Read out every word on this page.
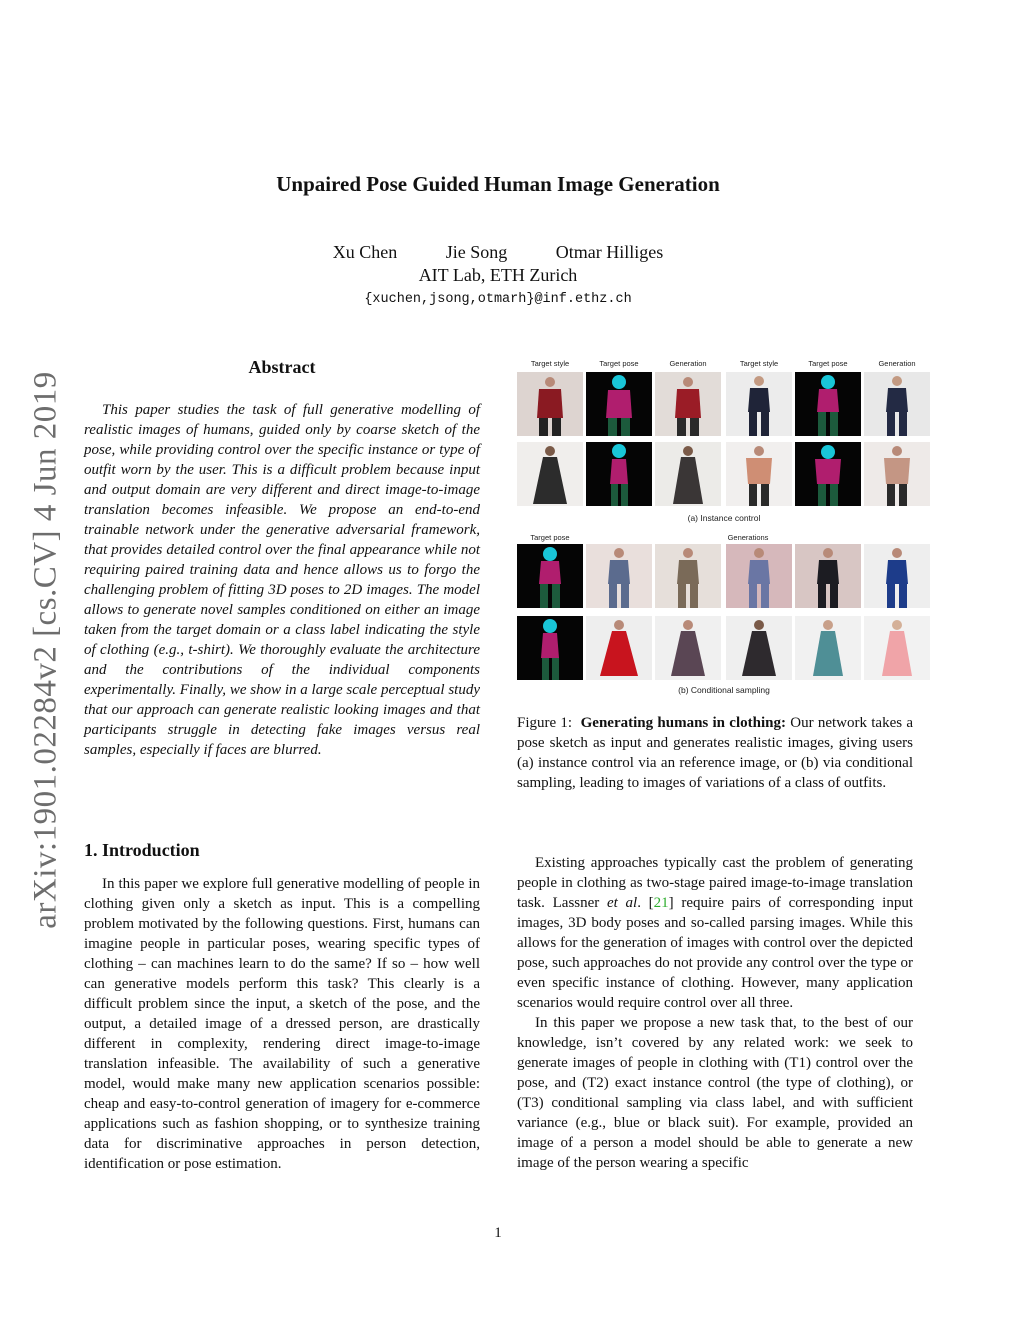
arXiv:1901.02284v2 [cs.CV] 4 Jun 2019
Unpaired Pose Guided Human Image Generation
Xu Chen	Jie Song	Otmar Hilliges
AIT Lab, ETH Zurich
{xuchen,jsong,otmarh}@inf.ethz.ch
Abstract

This paper studies the task of full generative modelling of realistic images of humans, guided only by coarse sketch of the pose, while providing control over the specific instance or type of outfit worn by the user. This is a difficult problem because input and output domain are very different and direct image-to-image translation becomes infeasible. We propose an end-to-end trainable network under the generative adversarial framework, that provides detailed control over the final appearance while not requiring paired training data and hence allows us to forgo the challenging problem of fitting 3D poses to 2D images. The model allows to generate novel samples conditioned on either an image taken from the target domain or a class label indicating the style of clothing (e.g., t-shirt). We thoroughly evaluate the architecture and the contributions of the individual components experimentally. Finally, we show in a large scale perceptual study that our approach can generate realistic looking images and that participants struggle in detecting fake images versus real samples, especially if faces are blurred.

1. Introduction

In this paper we explore full generative modelling of people in clothing given only a sketch as input. This is a compelling problem motivated by the following questions. First, humans can imagine people in particular poses, wearing specific types of clothing – can machines learn to do the same? If so – how well can generative models perform this task? This clearly is a difficult problem since the input, a sketch of the pose, and the output, a detailed image of a dressed person, are drastically different in complexity, rendering direct image-to-image translation infeasible. The availability of such a generative model, would make many new application scenarios possible: cheap and easy-to-control generation of imagery for e-commerce applications such as fashion shopping, or to synthesize training data for discriminative approaches in person detection, identification or pose estimation.

Target style	Target pose	Generation	Target style	Target pose	Generation
(a) Instance control
Target pose	Generations
(b) Conditional sampling

Figure 1: Generating humans in clothing: Our network takes a pose sketch as input and generates realistic images, giving users (a) instance control via an reference image, or (b) via conditional sampling, leading to images of variations of a class of outfits.

Existing approaches typically cast the problem of generating people in clothing as two-stage paired image-to-image translation task. Lassner et al. [21] require pairs of corresponding input images, 3D body poses and so-called parsing images. While this allows for the generation of images with control over the depicted pose, such approaches do not provide any control over the type or even specific instance of clothing. However, many application scenarios would require control over all three.

In this paper we propose a new task that, to the best of our knowledge, isn’t covered by any related work: we seek to generate images of people in clothing with (T1) control over the pose, and (T2) exact instance control (the type of clothing), or (T3) conditional sampling via class label, and with sufficient variance (e.g., blue or black suit). For example, provided an image of a person a model should be able to generate a new image of the person wearing a specific

1
